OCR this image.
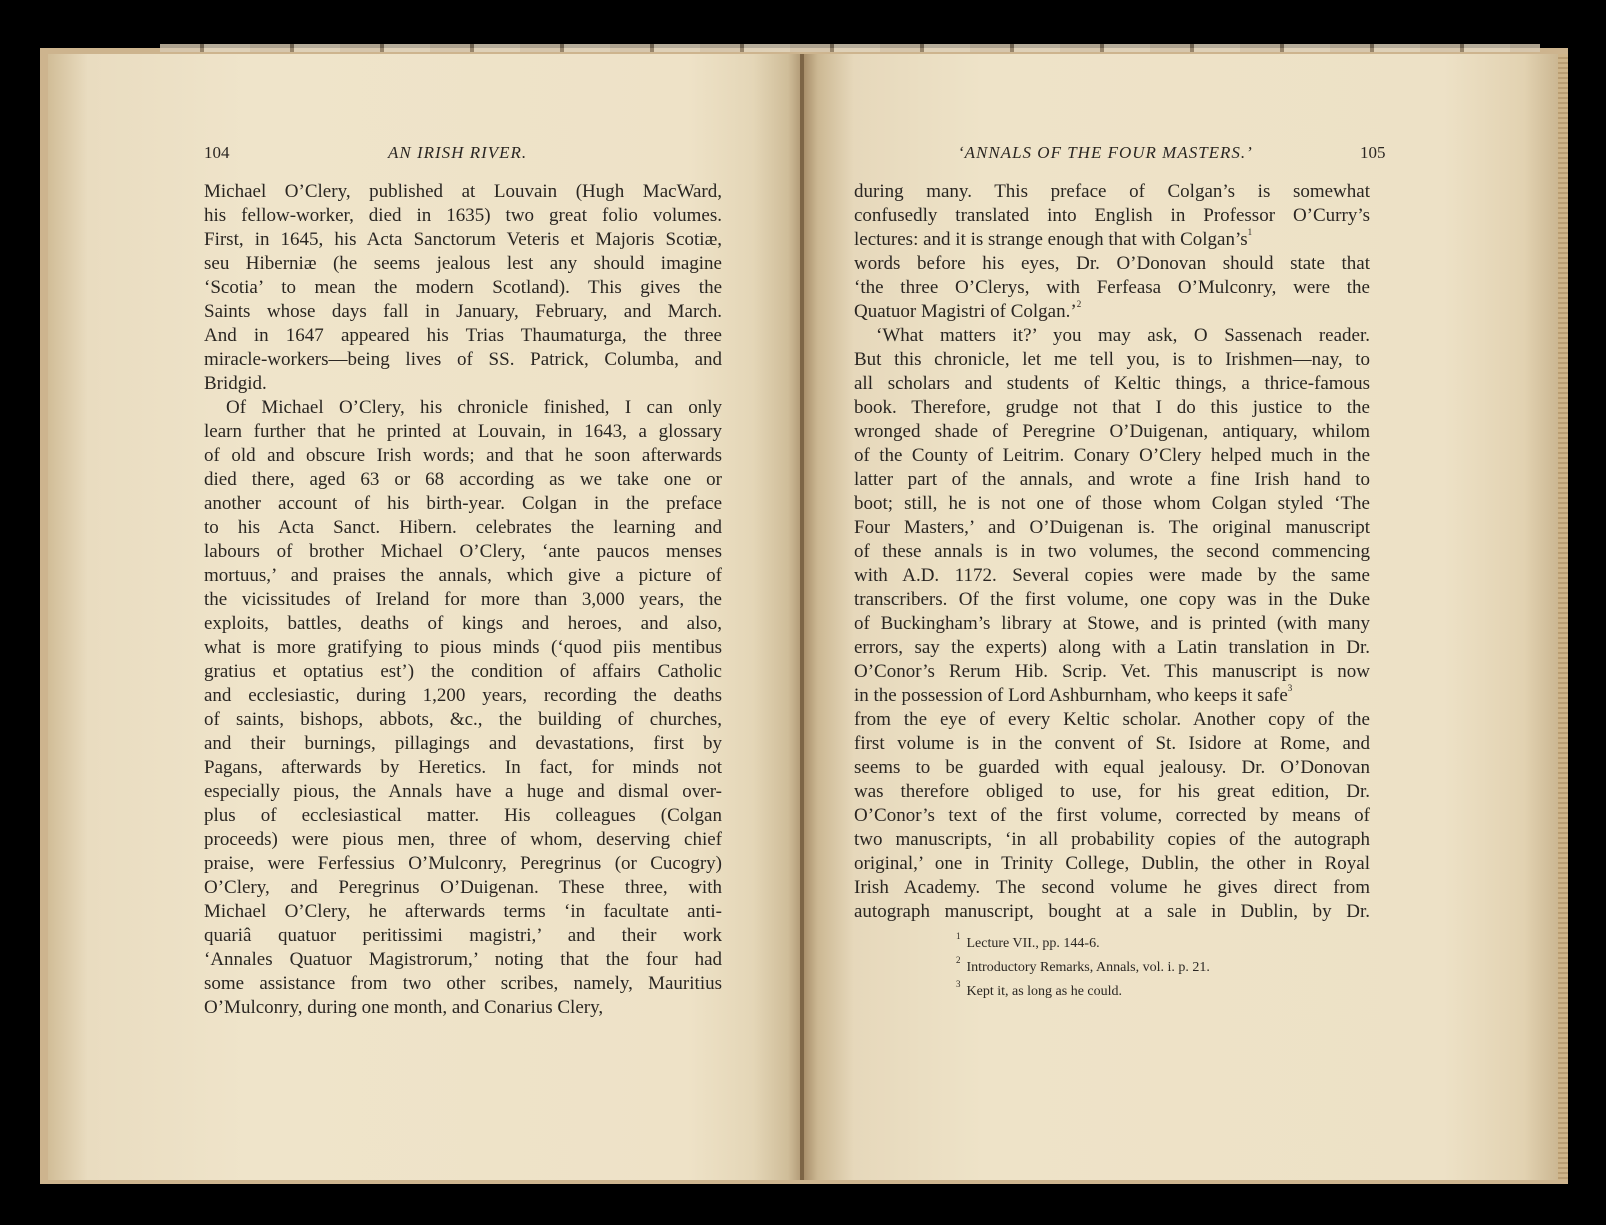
104	AN IRISH RIVER.
Michael O’Clery, published at Louvain (Hugh MacWard,
his fellow-worker, died in 1635) two great folio volumes.
First, in 1645, his Acta Sanctorum Veteris et Majoris Scotiæ,
seu Hiberniæ (he seems jealous lest any should imagine
‘Scotia’ to mean the modern Scotland). This gives the
Saints whose days fall in January, February, and March.
And in 1647 appeared his Trias Thaumaturga, the three
miracle-workers—being lives of SS. Patrick, Columba, and
Bridgid.
Of Michael O’Clery, his chronicle finished, I can only
learn further that he printed at Louvain, in 1643, a glossary
of old and obscure Irish words; and that he soon afterwards
died there, aged 63 or 68 according as we take one or
another account of his birth-year. Colgan in the preface
to his Acta Sanct. Hibern. celebrates the learning and
labours of brother Michael O’Clery, ‘ante paucos menses
mortuus,’ and praises the annals, which give a picture of
the vicissitudes of Ireland for more than 3,000 years, the
exploits, battles, deaths of kings and heroes, and also,
what is more gratifying to pious minds (‘quod piis mentibus
gratius et optatius est’) the condition of affairs Catholic
and ecclesiastic, during 1,200 years, recording the deaths
of saints, bishops, abbots, &c., the building of churches,
and their burnings, pillagings and devastations, first by
Pagans, afterwards by Heretics. In fact, for minds not
especially pious, the Annals have a huge and dismal over-
plus of ecclesiastical matter. His colleagues (Colgan
proceeds) were pious men, three of whom, deserving chief
praise, were Ferfessius O’Mulconry, Peregrinus (or Cucogry)
O’Clery, and Peregrinus O’Duigenan. These three, with
Michael O’Clery, he afterwards terms ‘in facultate anti-
quariâ quatuor peritissimi magistri,’ and their work
‘Annales Quatuor Magistrorum,’ noting that the four had
some assistance from two other scribes, namely, Mauritius
O’Mulconry, during one month, and Conarius Clery,
‘ANNALS OF THE FOUR MASTERS.’	105
during many. This preface of Colgan’s is somewhat
confusedly translated into English in Professor O’Curry’s
lectures: and it is strange enough that with $Colgan’s^1$
words before his eyes, Dr. O’Donovan should state that
‘the three O’Clerys, with Ferfeasa O’Mulconry, were the
Quatuor Magistri of Colgan.’$^2$
‘What matters it?’ you may ask, O Sassenach reader.
But this chronicle, let me tell you, is to Irishmen—nay, to
all scholars and students of Keltic things, a thrice-famous
book. Therefore, grudge not that I do this justice to the
wronged shade of Peregrine O’Duigenan, antiquary, whilom
of the County of Leitrim. Conary O’Clery helped much in the
latter part of the annals, and wrote a fine Irish hand to
boot; still, he is not one of those whom Colgan styled ‘The
Four Masters,’ and O’Duigenan is. The original manuscript
of these annals is in two volumes, the second commencing
with A.D. 1172. Several copies were made by the same
transcribers. Of the first volume, one copy was in the Duke
of Buckingham’s library at Stowe, and is printed (with many
errors, say the experts) along with a Latin translation in Dr.
O’Conor’s Rerum Hib. Scrip. Vet. This manuscript is now
in the possession of Lord Ashburnham, who keeps it safe$^3$
from the eye of every Keltic scholar. Another copy of the
first volume is in the convent of St. Isidore at Rome, and
seems to be guarded with equal jealousy. Dr. O’Donovan
was therefore obliged to use, for his great edition, Dr.
O’Conor’s text of the first volume, corrected by means of
two manuscripts, ‘in all probability copies of the autograph
original,’ one in Trinity College, Dublin, the other in Royal
Irish Academy. The second volume he gives direct from
autograph manuscript, bought at a sale in Dublin, by Dr.
$^1$ Lecture VII., pp. 144-6.
$^2$ Introductory Remarks, Annals, vol. i. p. 21.
$^3$ Kept it, as long as he could.
